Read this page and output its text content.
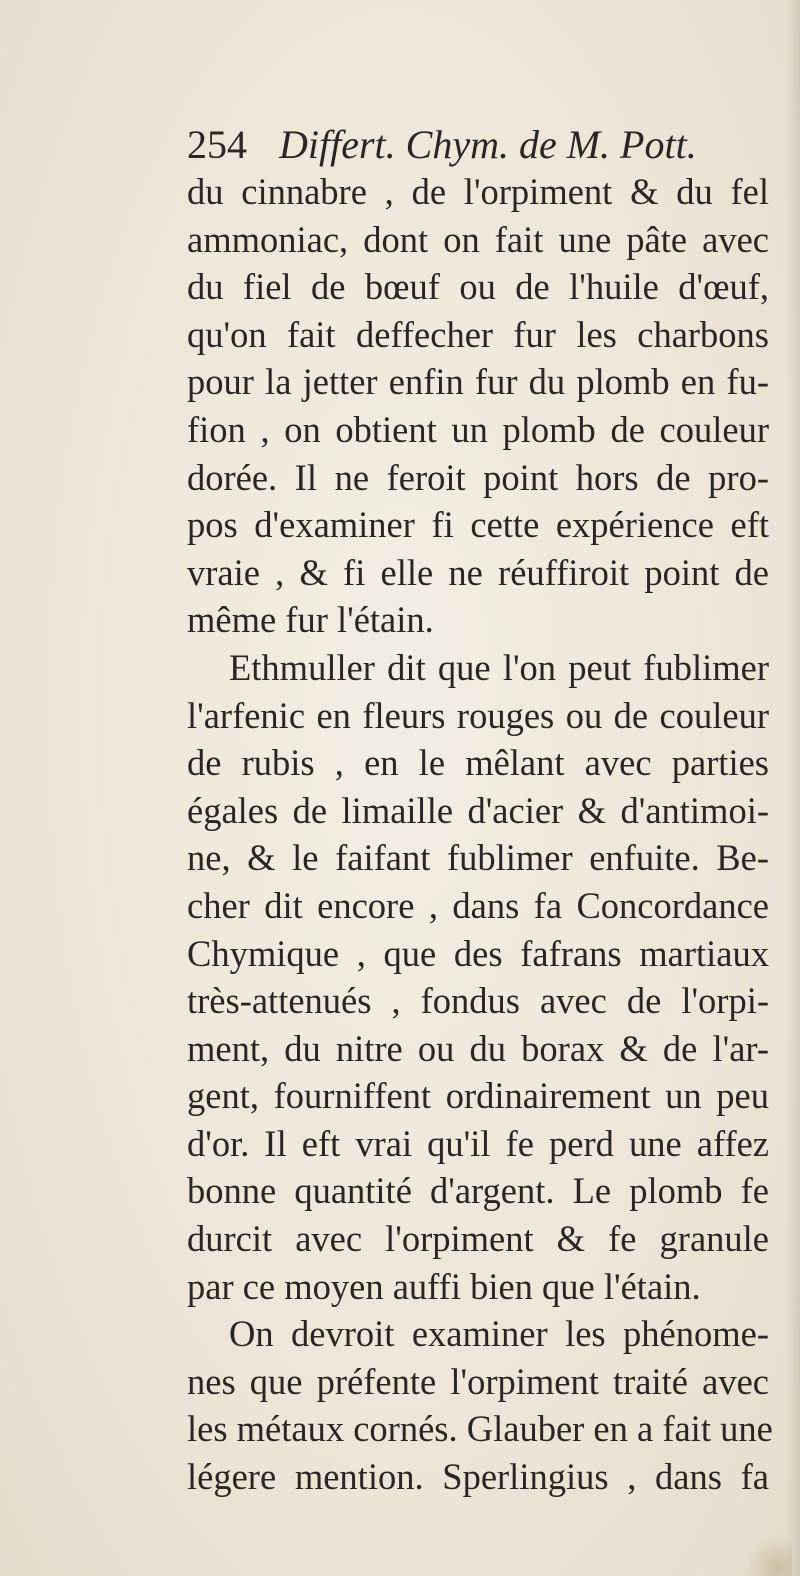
254 Differt. Chym. de M. Pott.
du cinnabre , de l'orpiment & du fel
ammoniac, dont on fait une pâte avec
du fiel de bœuf ou de l'huile d'œuf,
qu'on fait deffecher fur les charbons
pour la jetter enfin fur du plomb en fu-
fion , on obtient un plomb de couleur
dorée. Il ne feroit point hors de pro-
pos d'examiner fi cette expérience eft
vraie , & fi elle ne réuffiroit point de
même fur l'étain.
Ethmuller dit que l'on peut fublimer
l'arfenic en fleurs rouges ou de couleur
de rubis , en le mêlant avec parties
égales de limaille d'acier & d'antimoi-
ne, & le faifant fublimer enfuite. Be-
cher dit encore , dans fa Concordance
Chymique , que des fafrans martiaux
très-attenués , fondus avec de l'orpi-
ment, du nitre ou du borax & de l'ar-
gent, fourniffent ordinairement un peu
d'or. Il eft vrai qu'il fe perd une affez
bonne quantité d'argent. Le plomb fe
durcit avec l'orpiment & fe granule
par ce moyen auffi bien que l'étain.
On devroit examiner les phénome-
nes que préfente l'orpiment traité avec
les métaux cornés. Glauber en a fait une
légere mention. Sperlingius , dans fa
